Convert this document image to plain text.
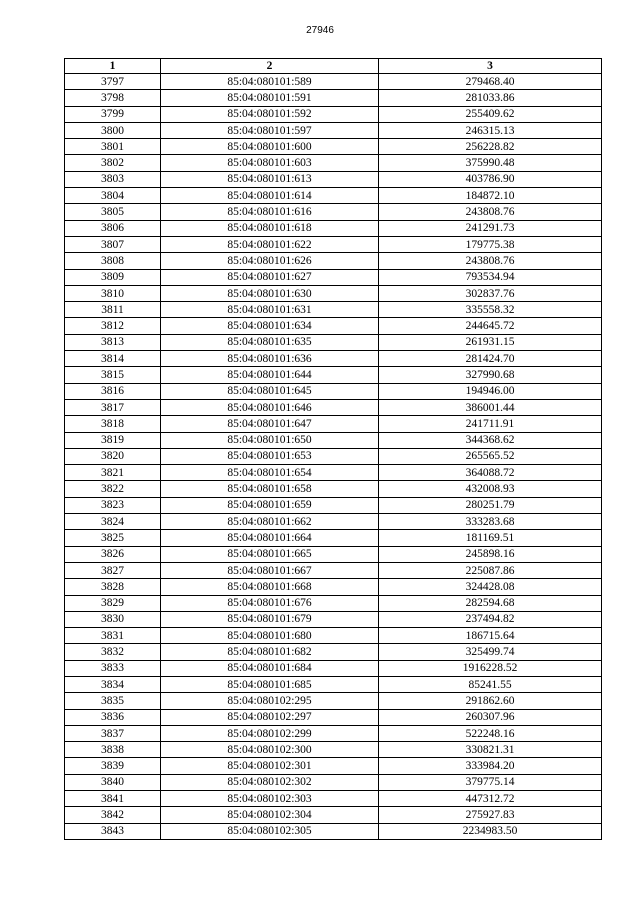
27946
1	2	3
3797	85:04:080101:589	279468.40
3798	85:04:080101:591	281033.86
3799	85:04:080101:592	255409.62
3800	85:04:080101:597	246315.13
3801	85:04:080101:600	256228.82
3802	85:04:080101:603	375990.48
3803	85:04:080101:613	403786.90
3804	85:04:080101:614	184872.10
3805	85:04:080101:616	243808.76
3806	85:04:080101:618	241291.73
3807	85:04:080101:622	179775.38
3808	85:04:080101:626	243808.76
3809	85:04:080101:627	793534.94
3810	85:04:080101:630	302837.76
3811	85:04:080101:631	335558.32
3812	85:04:080101:634	244645.72
3813	85:04:080101:635	261931.15
3814	85:04:080101:636	281424.70
3815	85:04:080101:644	327990.68
3816	85:04:080101:645	194946.00
3817	85:04:080101:646	386001.44
3818	85:04:080101:647	241711.91
3819	85:04:080101:650	344368.62
3820	85:04:080101:653	265565.52
3821	85:04:080101:654	364088.72
3822	85:04:080101:658	432008.93
3823	85:04:080101:659	280251.79
3824	85:04:080101:662	333283.68
3825	85:04:080101:664	181169.51
3826	85:04:080101:665	245898.16
3827	85:04:080101:667	225087.86
3828	85:04:080101:668	324428.08
3829	85:04:080101:676	282594.68
3830	85:04:080101:679	237494.82
3831	85:04:080101:680	186715.64
3832	85:04:080101:682	325499.74
3833	85:04:080101:684	1916228.52
3834	85:04:080101:685	85241.55
3835	85:04:080102:295	291862.60
3836	85:04:080102:297	260307.96
3837	85:04:080102:299	522248.16
3838	85:04:080102:300	330821.31
3839	85:04:080102:301	333984.20
3840	85:04:080102:302	379775.14
3841	85:04:080102:303	447312.72
3842	85:04:080102:304	275927.83
3843	85:04:080102:305	2234983.50
